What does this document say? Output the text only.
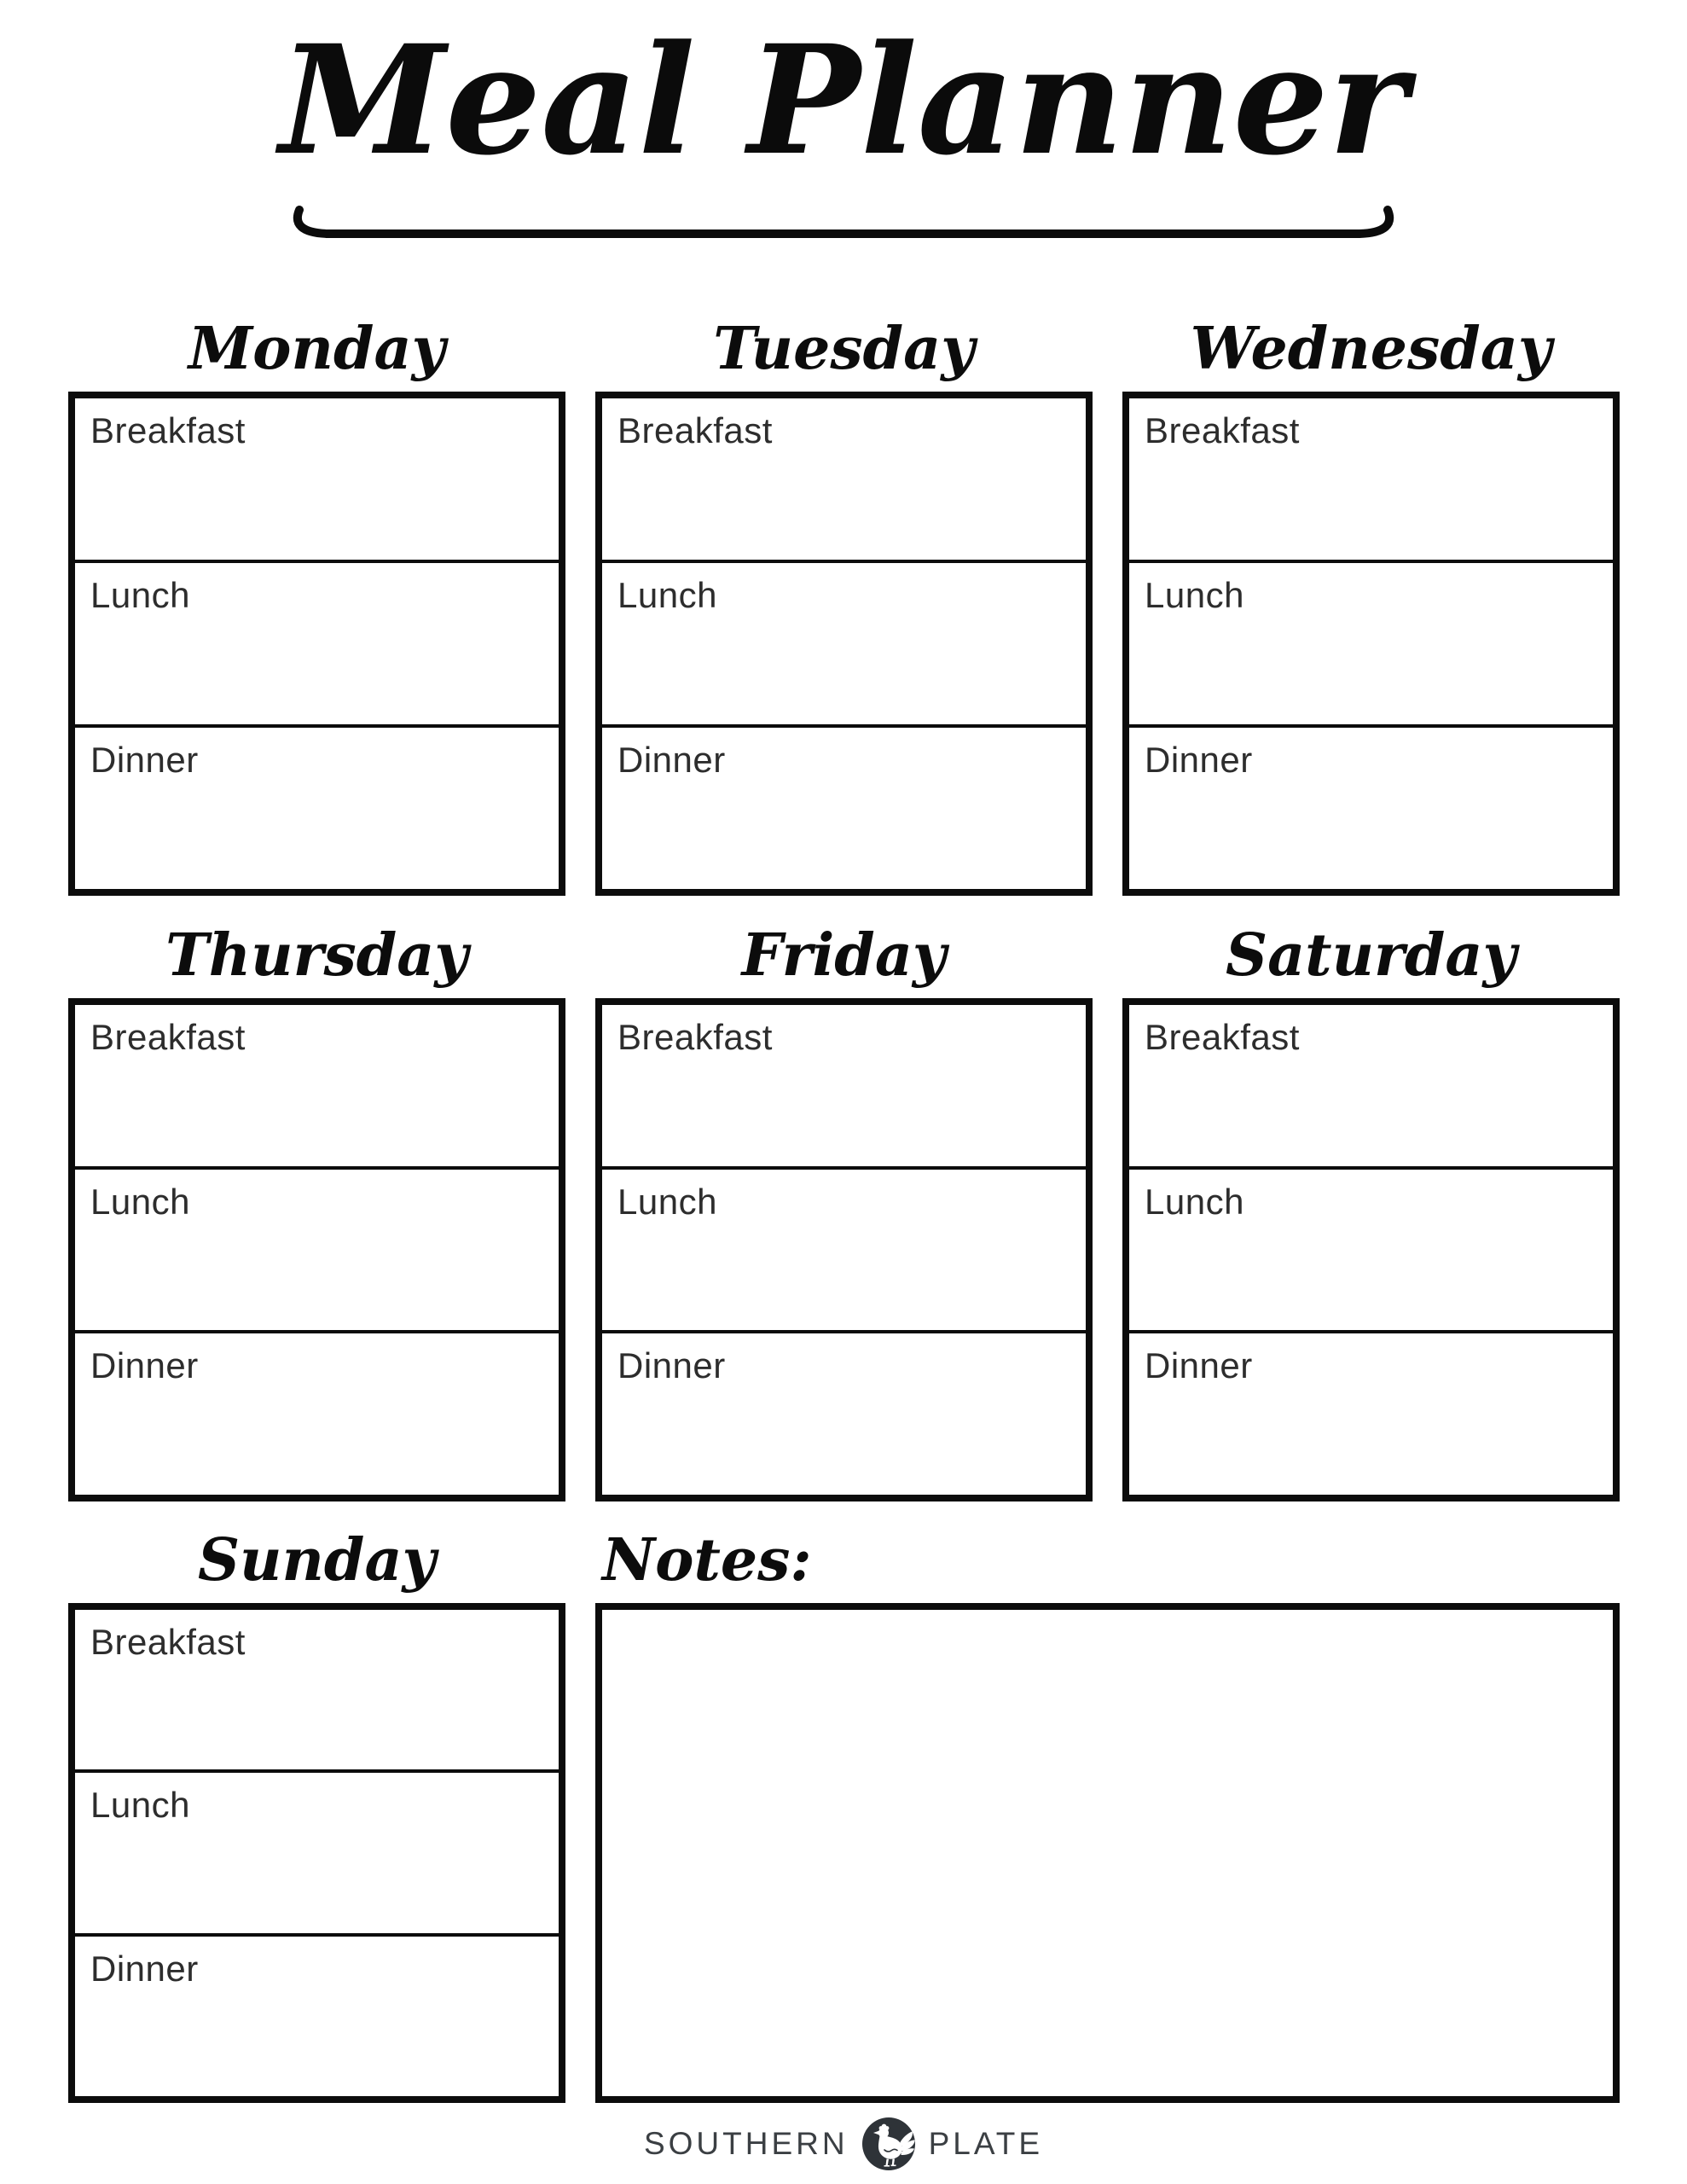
Meal Planner
Monday
Breakfast
Lunch
Dinner
Tuesday
Breakfast
Lunch
Dinner
Wednesday
Breakfast
Lunch
Dinner
Thursday
Breakfast
Lunch
Dinner
Friday
Breakfast
Lunch
Dinner
Saturday
Breakfast
Lunch
Dinner
Sunday
Breakfast
Lunch
Dinner
Notes:
SOUTHERN	PLATE
